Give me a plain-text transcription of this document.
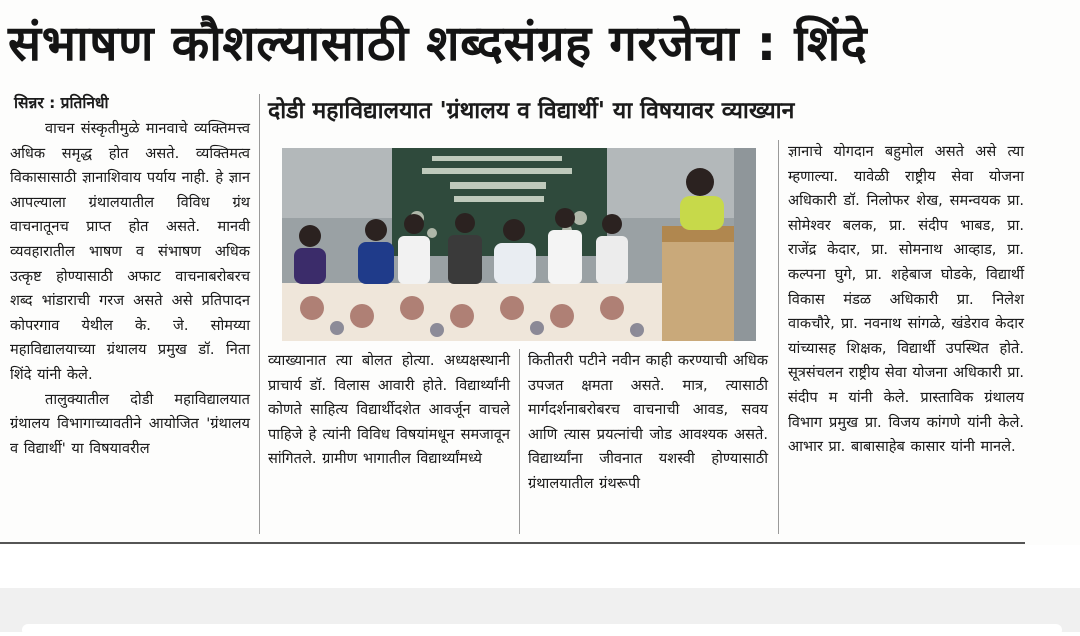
संभाषण कौशल्यासाठी शब्दसंग्रह गरजेचा : शिंदे
सिन्नर : प्रतिनिधी	दोडी महाविद्यालयात 'ग्रंथालय व विद्यार्थी' या विषयावर व्याख्यान

वाचन संस्कृतीमुळे मानवाचे व्यक्तिमत्त्व अधिक समृद्ध होत असते. व्यक्तिमत्व विकासासाठी ज्ञानाशिवाय पर्याय नाही. हे ज्ञान आपल्याला ग्रंथालयातील विविध ग्रंथ वाचनातूनच प्राप्त होत असते. मानवी व्यवहारातील भाषण व संभाषण अधिक उत्कृष्ट होण्यासाठी अफाट वाचनाबरोबरच शब्द भांडाराची गरज असते असे प्रतिपादन कोपरगाव येथील के. जे. सोमय्या महाविद्यालयाच्या ग्रंथालय प्रमुख डॉ. निता शिंदे यांनी केले.

तालुक्यातील दोडी महाविद्यालयात ग्रंथालय विभागाच्यावतीने आयोजित 'ग्रंथालय व विद्यार्थी' या विषयावरील

व्याख्यानात त्या बोलत होत्या. अध्यक्षस्थानी प्राचार्य डॉ. विलास आवारी होते. विद्यार्थ्यांनी कोणते साहित्य विद्यार्थीदशेत आवर्जून वाचले पाहिजे हे त्यांनी विविध विषयांमधून समजावून सांगितले. ग्रामीण भागातील विद्यार्थ्यांमध्ये
कितीतरी पटीने नवीन काही करण्याची अधिक उपजत क्षमता असते. मात्र, त्यासाठी मार्गदर्शनाबरोबरच वाचनाची आवड, सवय आणि त्यास प्रयत्नांची जोड आवश्यक असते. विद्यार्थ्यांना जीवनात यशस्वी होण्यासाठी ग्रंथालयातील ग्रंथरूपी
ज्ञानाचे योगदान बहुमोल असते असे त्या म्हणाल्या. यावेळी राष्ट्रीय सेवा योजना अधिकारी डॉ. निलोफर शेख, समन्वयक प्रा. सोमेश्वर बलक, प्रा. संदीप भाबड, प्रा. राजेंद्र केदार, प्रा. सोमनाथ आव्हाड, प्रा. कल्पना घुगे, प्रा. शहेबाज घोडके, विद्यार्थी विकास मंडळ अधिकारी प्रा. निलेश वाकचौरे, प्रा. नवनाथ सांगळे, खंडेराव केदार यांच्यासह शिक्षक, विद्यार्थी उपस्थित होते. सूत्रसंचलन राष्ट्रीय सेवा योजना अधिकारी प्रा. संदीप म यांनी केले. प्रास्ताविक ग्रंथालय विभाग प्रमुख प्रा. विजय कांगणे यांनी केले. आभार प्रा. बाबासाहेब कासार यांनी मानले.
